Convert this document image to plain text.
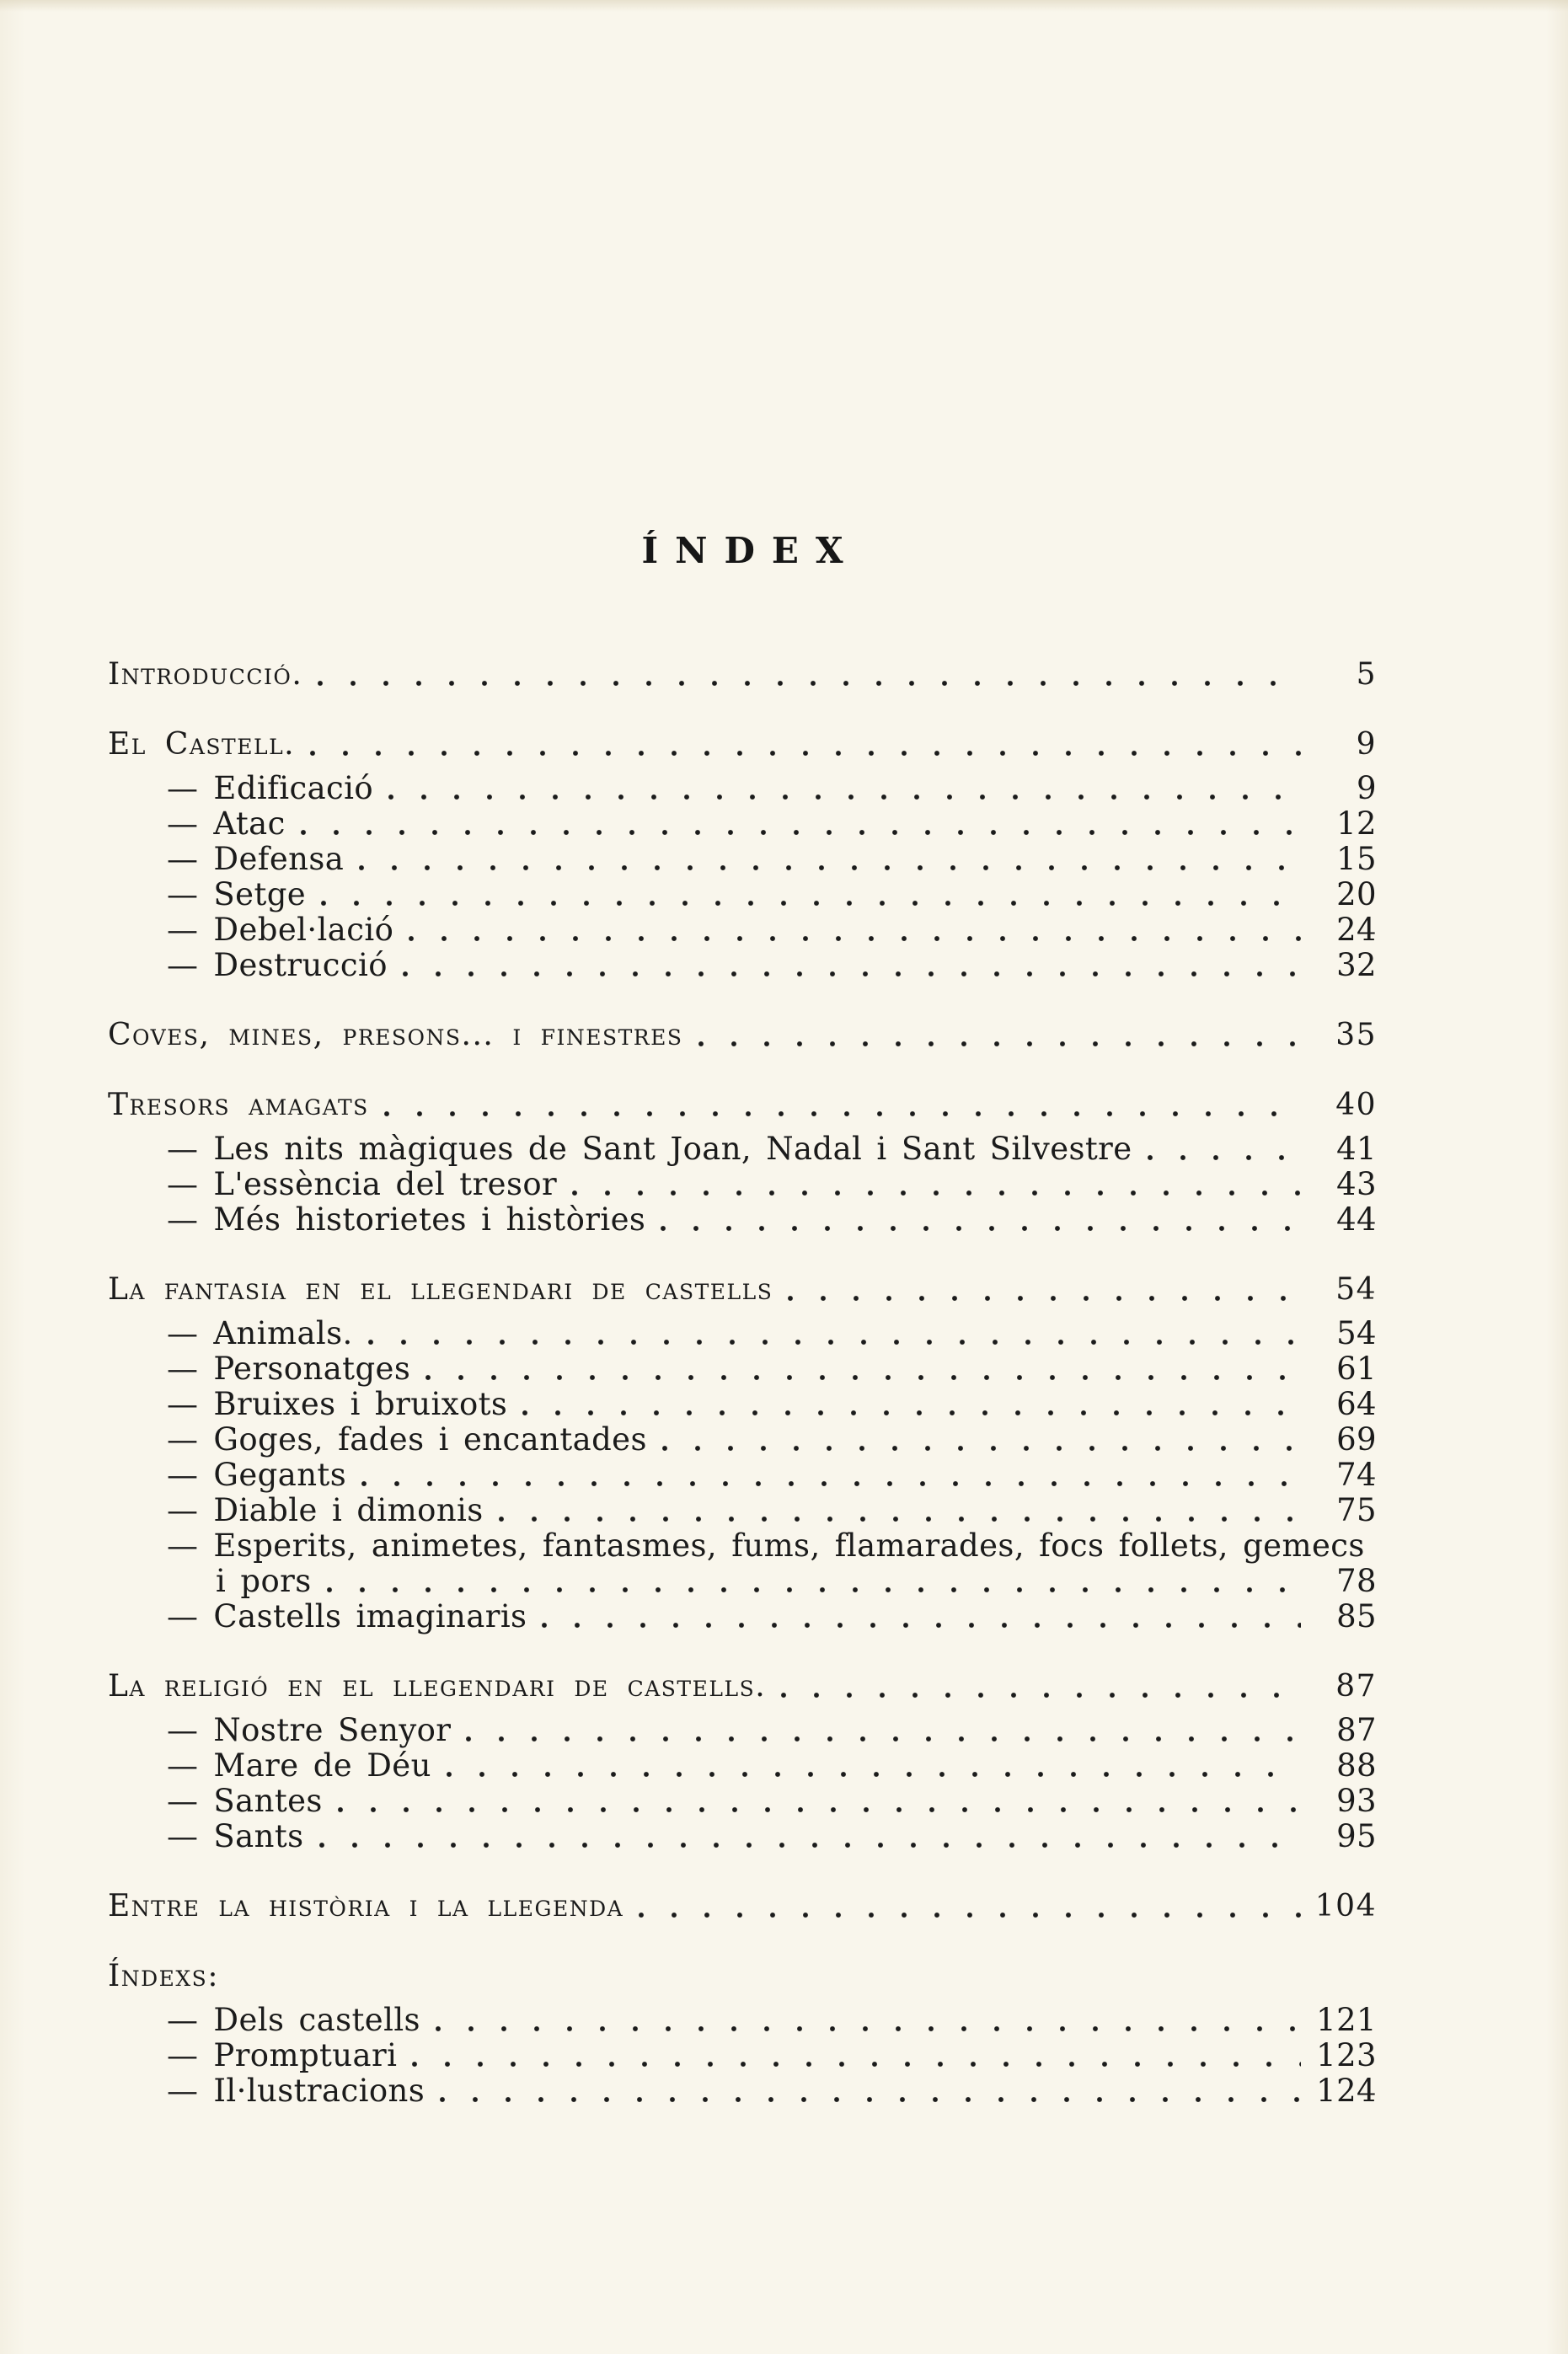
ÍNDEX
Introducció.	5
El Castell.	9
— Edificació	9
— Atac	12
— Defensa	15
— Setge	20
— Debel·lació	24
— Destrucció	32
Coves, mines, presons... i finestres	35
Tresors amagats	40
— Les nits màgiques de Sant Joan, Nadal i Sant Silvestre	41
— L'essència del tresor	43
— Més historietes i històries	44
La fantasia en el llegendari de castells	54
— Animals.	54
— Personatges	61
— Bruixes i bruixots	64
— Goges, fades i encantades	69
— Gegants	74
— Diable i dimonis	75
— Esperits, animetes, fantasmes, fums, flamarades, focs follets, gemecs
i pors	78
— Castells imaginaris	85
La religió en el llegendari de castells.	87
— Nostre Senyor	87
— Mare de Déu	88
— Santes	93
— Sants	95
Entre la història i la llegenda	104
Índexs:
— Dels castells	121
— Promptuari	123
— Il·lustracions	124
